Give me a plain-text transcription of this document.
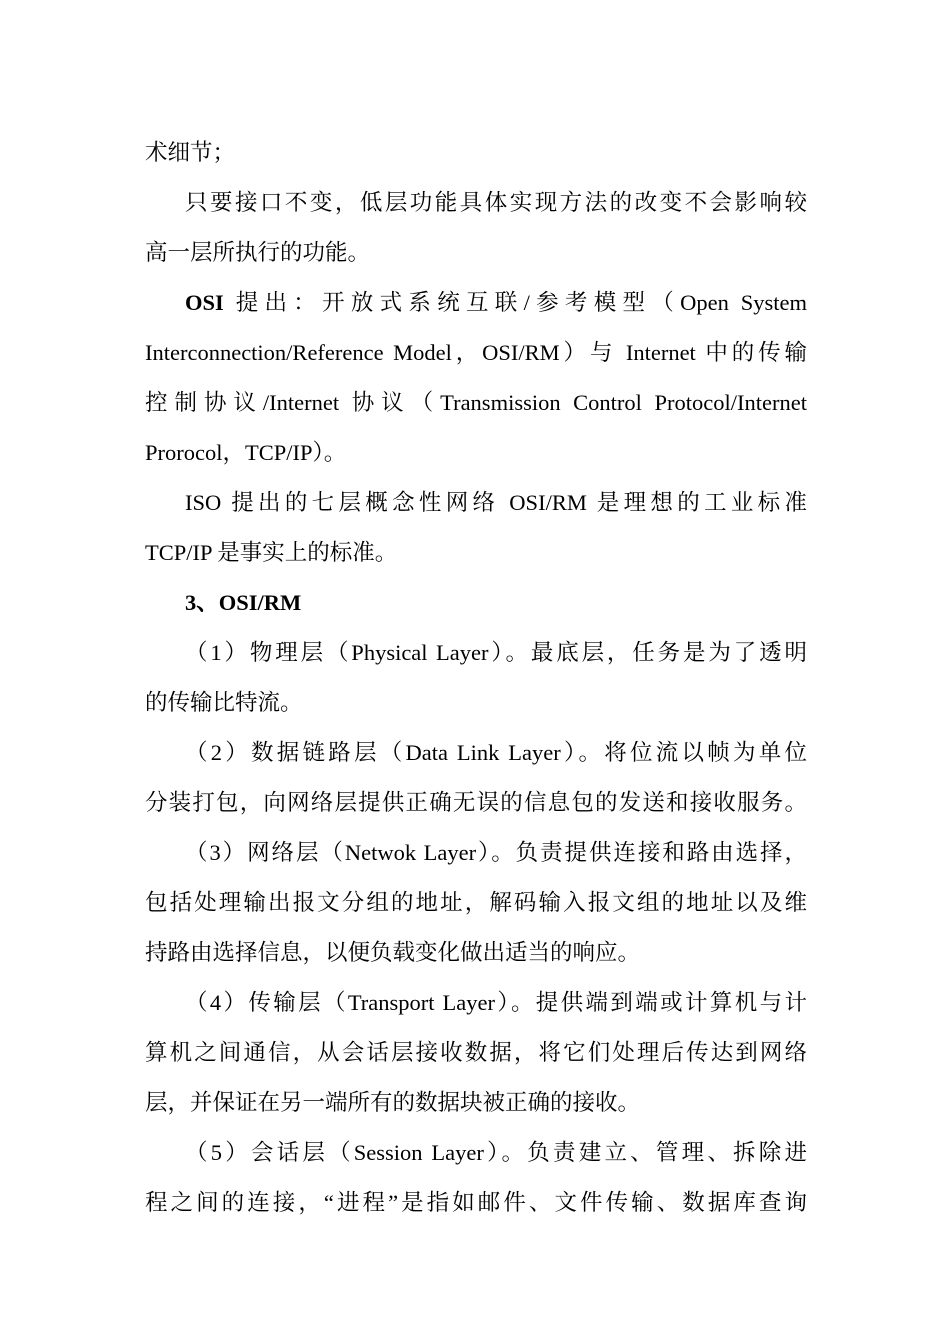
术细节；
只要接口不变，低层功能具体实现方法的改变不会影响较
高一层所执行的功能。
OSI 提出：开放式系统互联/参考模型（Open System
Interconnection/Reference Model，OSI/RM）与 Internet 中的传输
控制协议/Internet 协议（Transmission Control Protocol/Internet
Prorocol，TCP/IP）。
ISO 提出的七层概念性网络 OSI/RM 是理想的工业标准
TCP/IP 是事实上的标准。
3、OSI/RM
（1）物理层（Physical Layer）。最底层，任务是为了透明
的传输比特流。
（2）数据链路层（Data Link Layer）。将位流以帧为单位
分装打包，向网络层提供正确无误的信息包的发送和接收服务。
（3）网络层（Netwok Layer）。负责提供连接和路由选择，
包括处理输出报文分组的地址，解码输入报文组的地址以及维
持路由选择信息，以便负载变化做出适当的响应。
（4）传输层（Transport Layer）。提供端到端或计算机与计
算机之间通信，从会话层接收数据，将它们处理后传达到网络
层，并保证在另一端所有的数据块被正确的接收。
（5）会话层（Session Layer）。负责建立、管理、拆除进
程之间的连接，“进程”是指如邮件、文件传输、数据库查询
